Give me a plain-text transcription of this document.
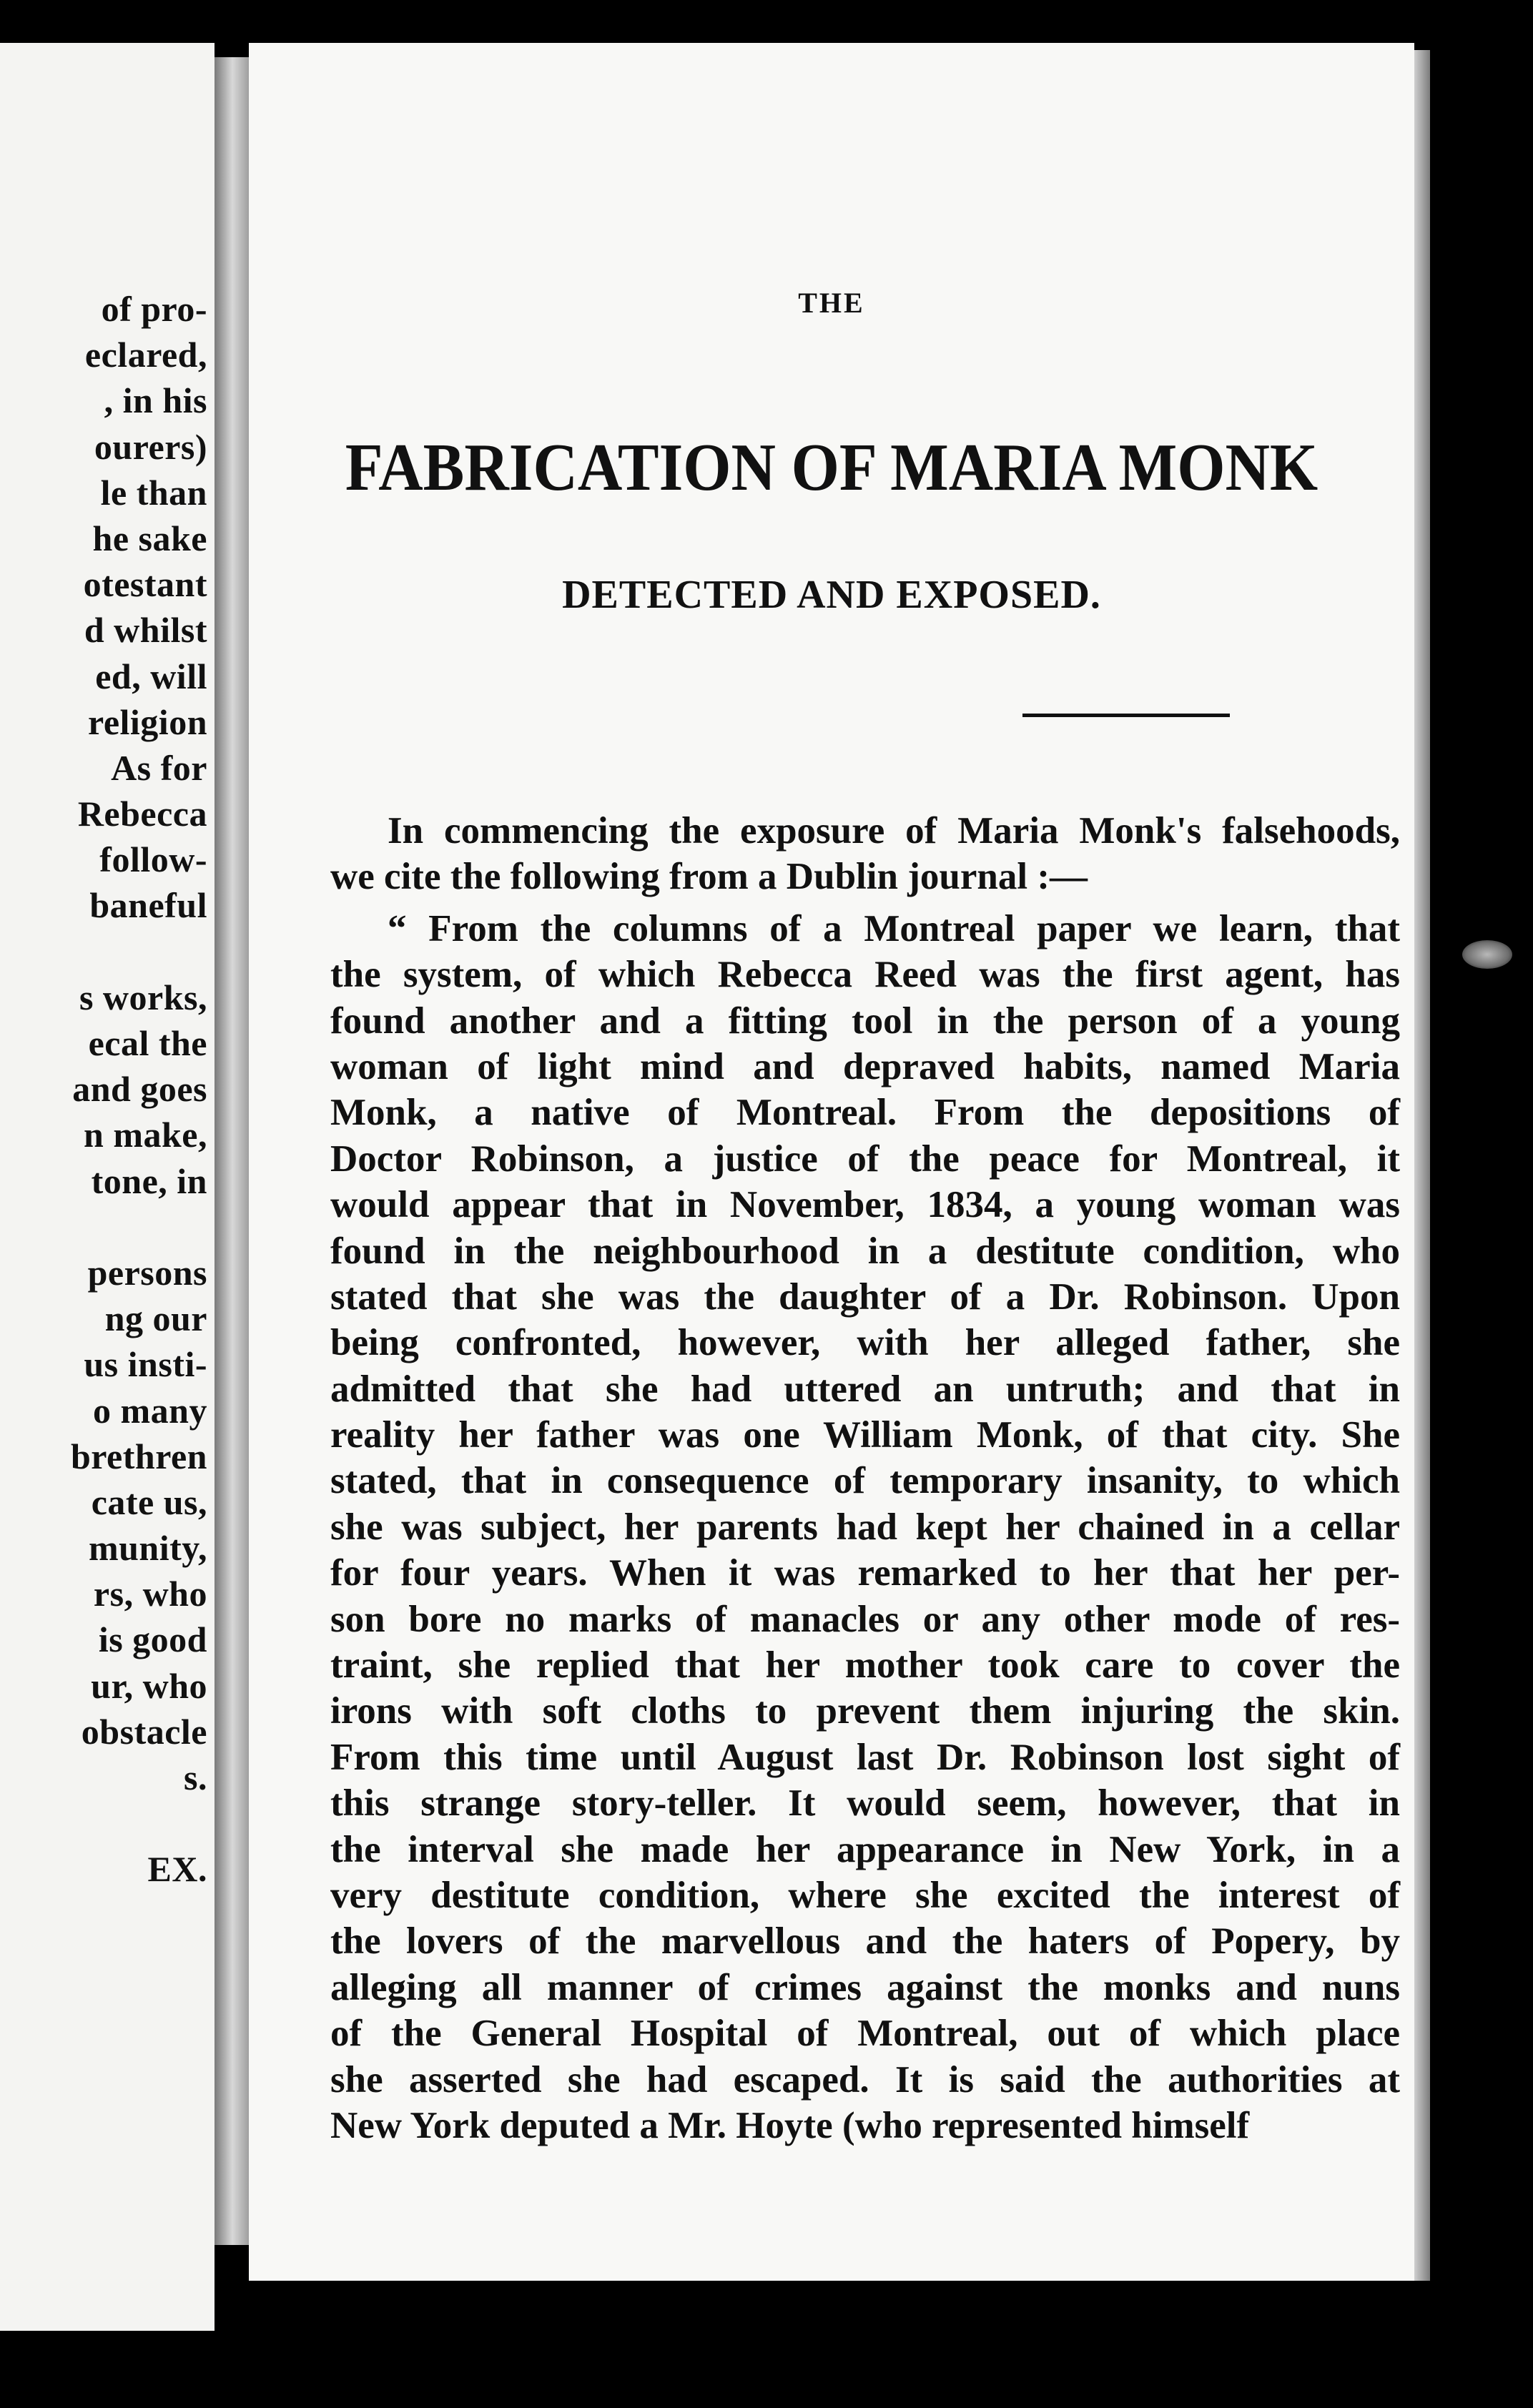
of pro-
eclared,
, in his
ourers)
le than
he sake
otestant
d whilst
ed, will
religion
As for
Rebecca
follow-
baneful
s works,
ecal the
and goes
n make,
tone, in
persons
ng our
us insti-
o many
brethren
cate us,
munity,
rs, who
is good
ur, who
obstacle
s.
EX.
THE
FABRICATION OF MARIA MONK
DETECTED AND EXPOSED.
In commencing the exposure of Maria Monk's falsehoods,
we cite the following from a Dublin journal :—
“ From the columns of a Montreal paper we learn, that
the system, of which Rebecca Reed was the first agent, has
found another and a fitting tool in the person of a young
woman of light mind and depraved habits, named Maria
Monk, a native of Montreal. From the depositions of
Doctor Robinson, a justice of the peace for Montreal, it
would appear that in November, 1834, a young woman was
found in the neighbourhood in a destitute condition, who
stated that she was the daughter of a Dr. Robinson. Upon
being confronted, however, with her alleged father, she
admitted that she had uttered an untruth; and that in
reality her father was one William Monk, of that city. She
stated, that in consequence of temporary insanity, to which
she was subject, her parents had kept her chained in a cellar
for four years. When it was remarked to her that her per-
son bore no marks of manacles or any other mode of res-
traint, she replied that her mother took care to cover the
irons with soft cloths to prevent them injuring the skin.
From this time until August last Dr. Robinson lost sight of
this strange story-teller. It would seem, however, that in
the interval she made her appearance in New York, in a
very destitute condition, where she excited the interest of
the lovers of the marvellous and the haters of Popery, by
alleging all manner of crimes against the monks and nuns
of the General Hospital of Montreal, out of which place
she asserted she had escaped. It is said the authorities at
New York deputed a Mr. Hoyte (who represented himself
